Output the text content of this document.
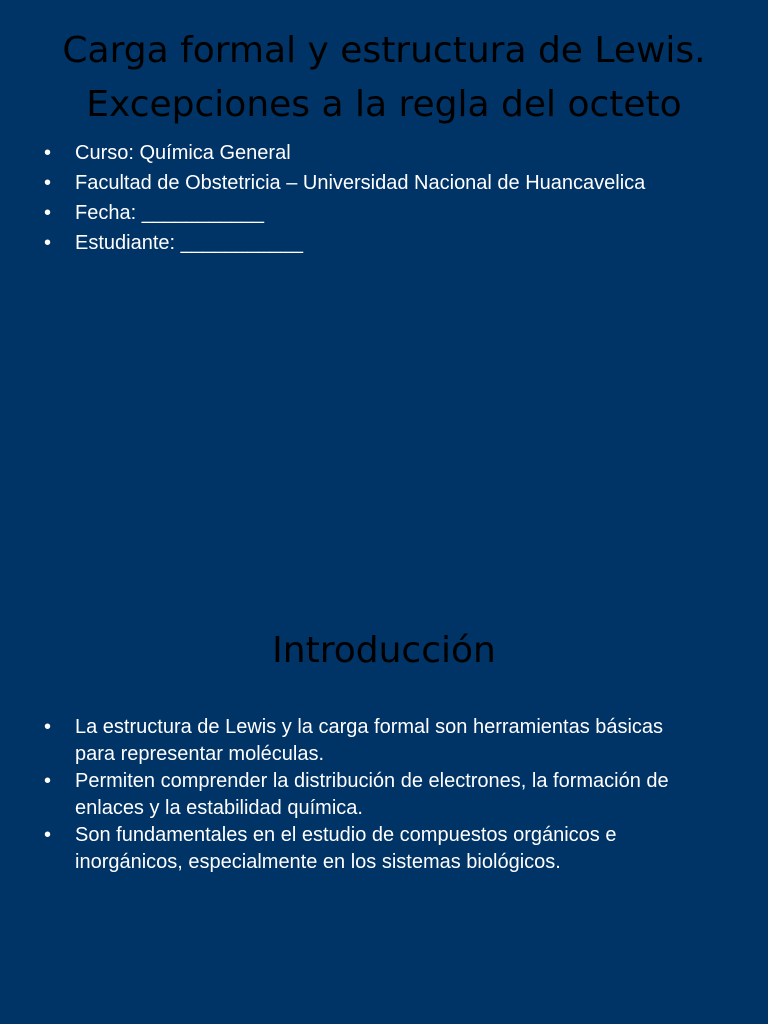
Carga formal y estructura de Lewis.
Excepciones a la regla del octeto
• Curso: Química General
• Facultad de Obstetricia – Universidad Nacional de Huancavelica
• Fecha: ___________
• Estudiante: ___________
Introducción
• La estructura de Lewis y la carga formal son herramientas básicas para representar moléculas.
• Permiten comprender la distribución de electrones, la formación de enlaces y la estabilidad química.
• Son fundamentales en el estudio de compuestos orgánicos e inorgánicos, especialmente en los sistemas biológicos.
